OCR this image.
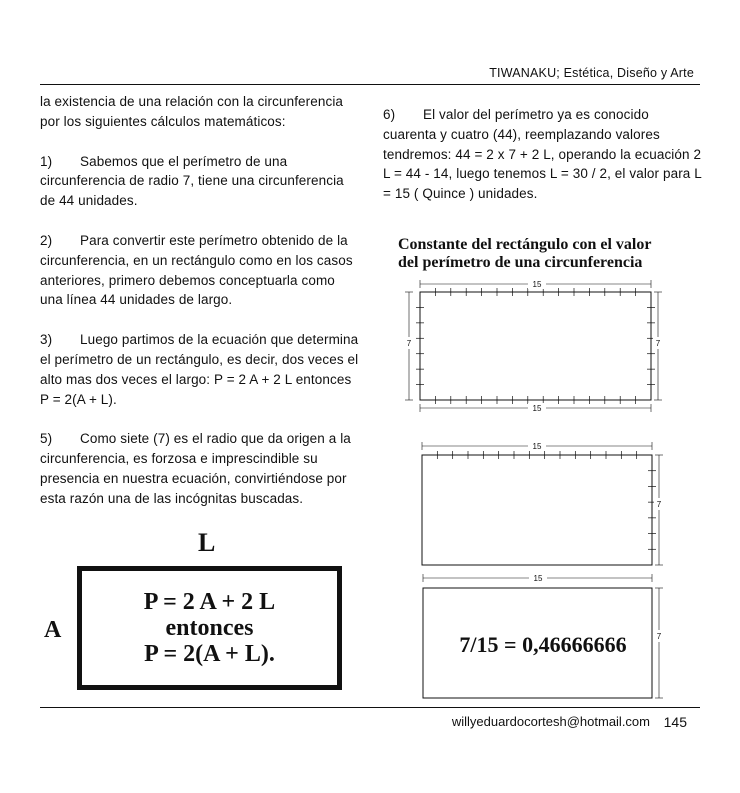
TIWANAKU; Estética, Diseño y Arte

la existencia de una relación con la circunferencia por los siguientes cálculos matemáticos:

1) Sabemos que el perímetro de una circunferencia de radio 7, tiene una circunferencia de 44 unidades.

2) Para convertir este perímetro obtenido de la circunferencia, en un rectángulo como en los casos anteriores, primero debemos conceptuarla como una línea 44 unidades de largo.

3) Luego partimos de la ecuación que determina el perímetro de un rectángulo, es decir, dos veces el alto mas dos veces el largo: P = 2 A + 2 L entonces P = 2(A + L).

5) Como siete (7) es el radio que da origen a la circunferencia, es forzosa e imprescindible su presencia en nuestra ecuación, convirtiéndose por esta razón una de las incógnitas buscadas.

6) El valor del perímetro ya es conocido cuarenta y cuatro (44), reemplazando valores tendremos: 44 = 2 x 7 + 2 L, operando la ecuación 2 L = 44 - 14, luego tenemos L = 30 / 2, el valor para L = 15 ( Quince ) unidades.

Constante del rectángulo con el valor
del perímetro de una circunferencia
15
15
7	7
15
7
15
7
7/15 = 0,46666666
L
A
P = 2 A + 2 L
entonces
P = 2(A + L).
willyeduardocortesh@hotmail.com 145
